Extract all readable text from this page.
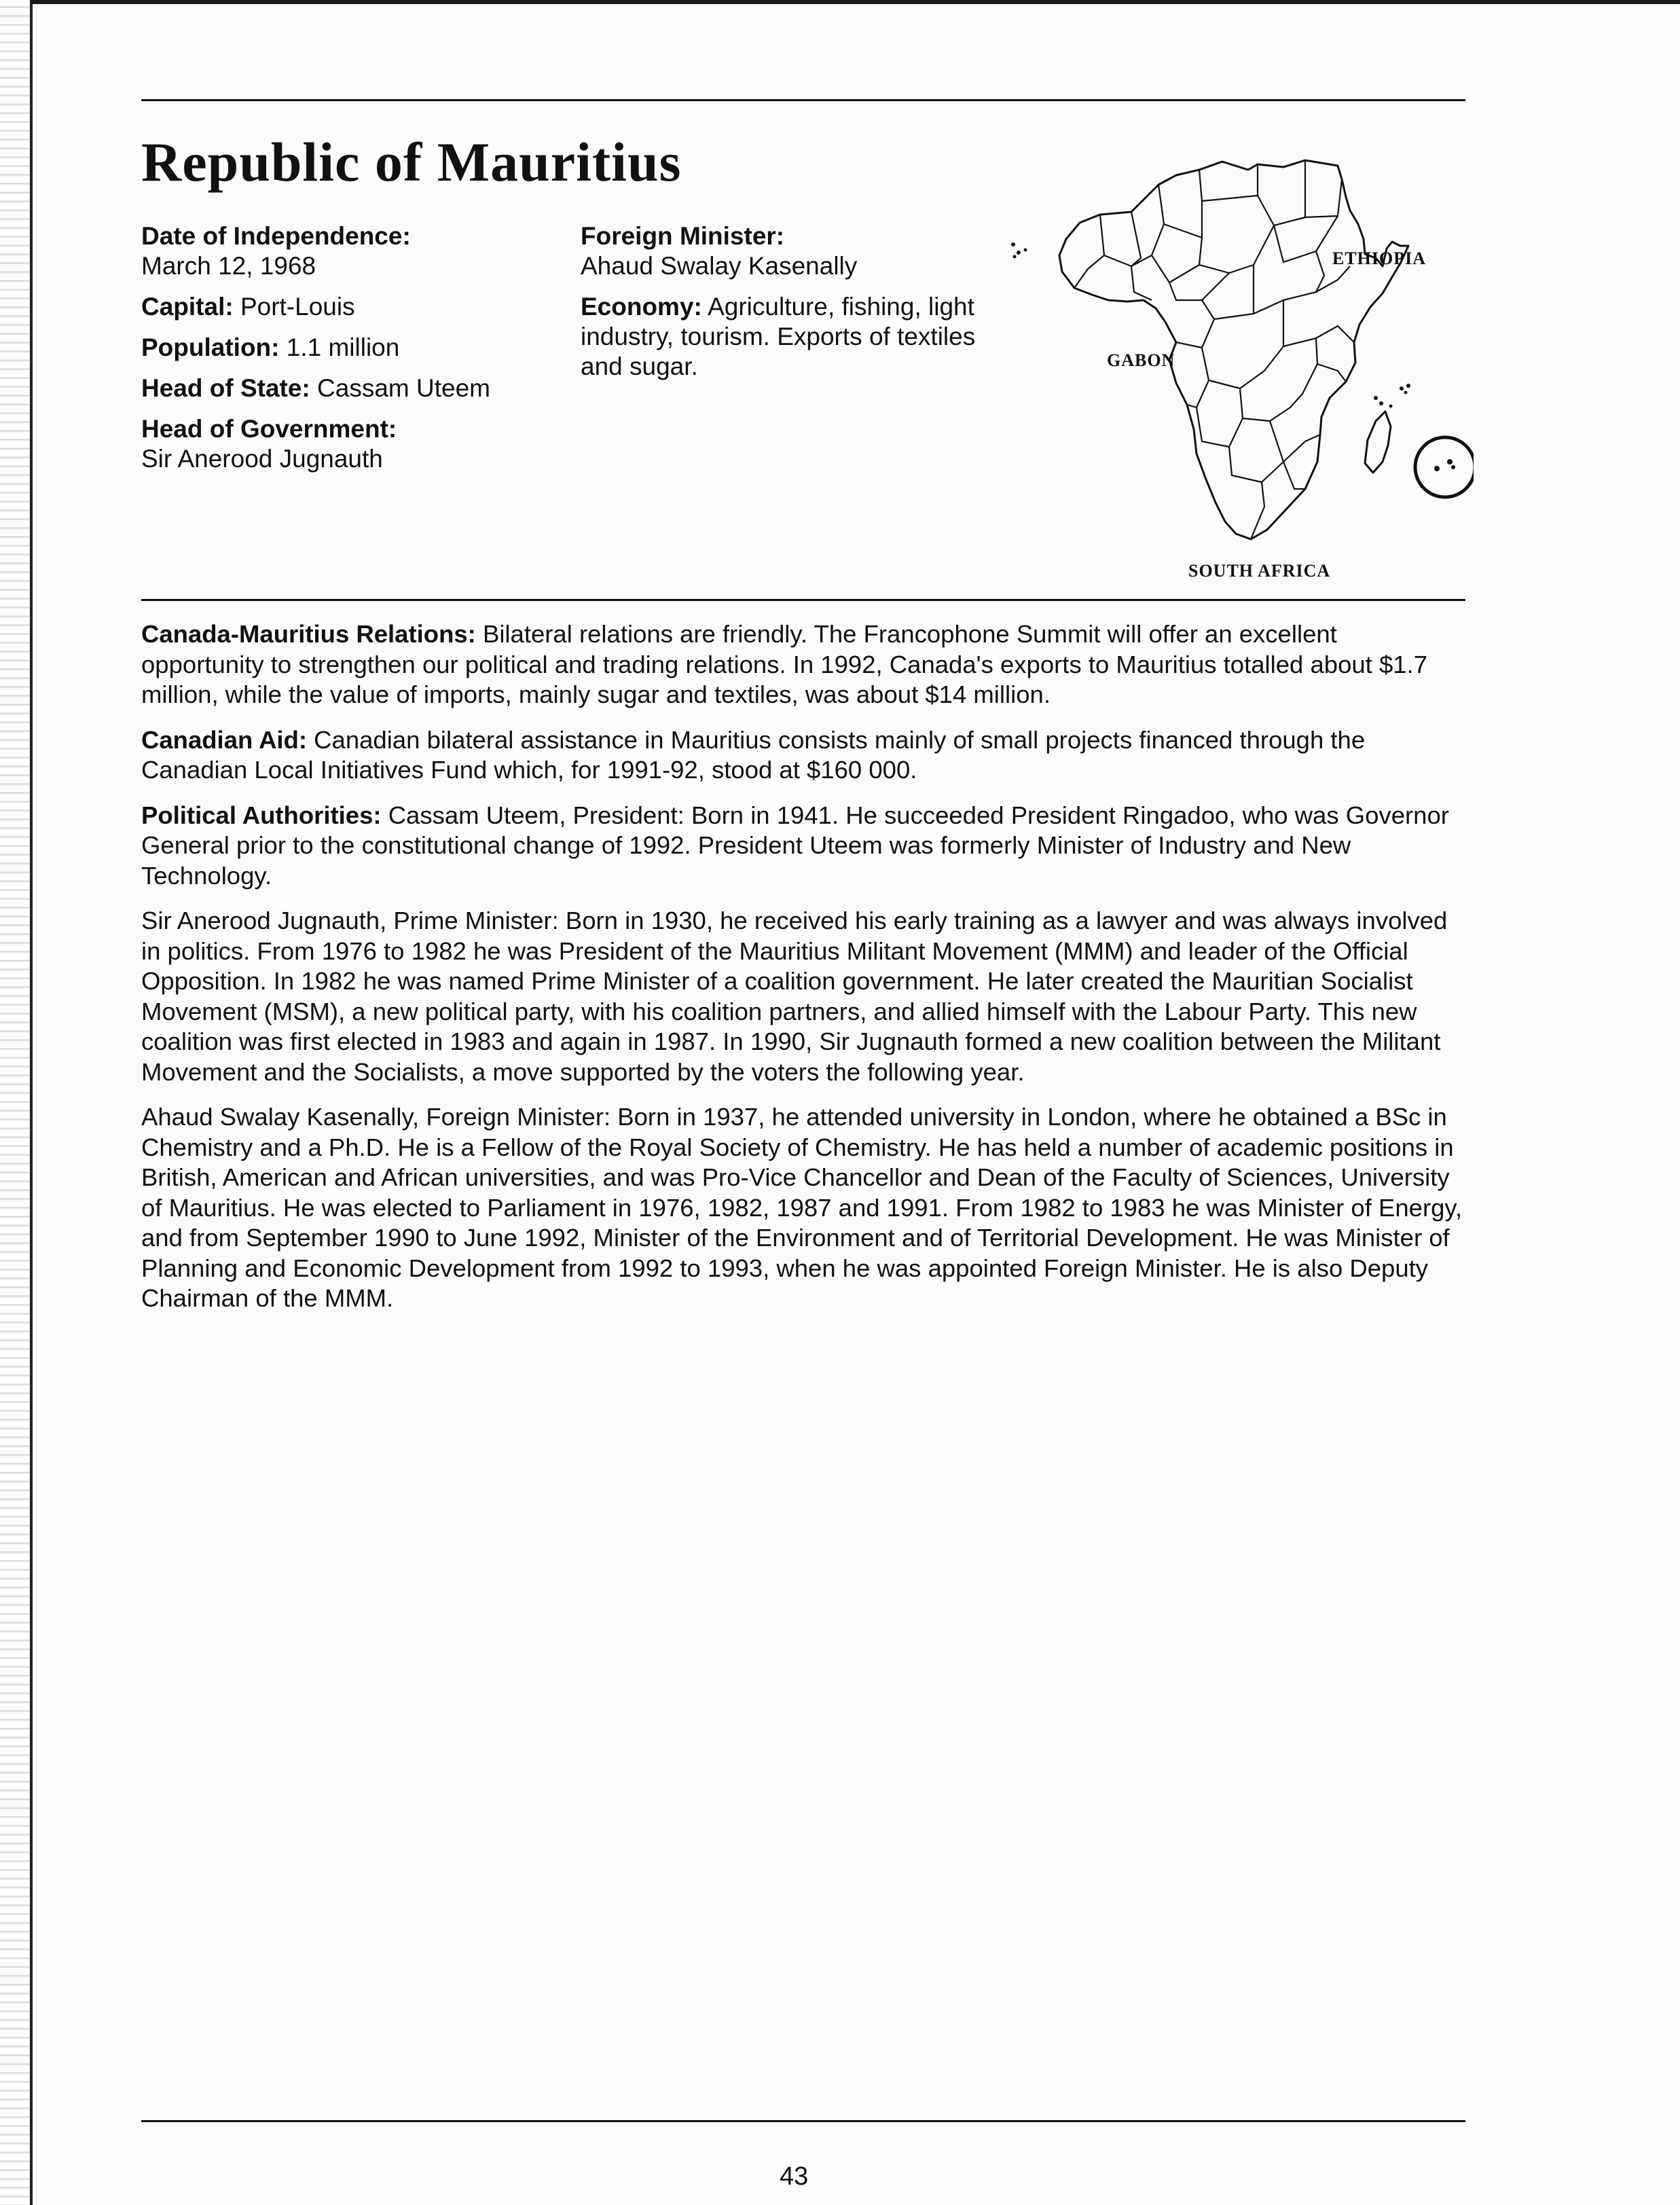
Republic of Mauritius

Date of Independence:
March 12, 1968

Capital: Port-Louis

Population: 1.1 million

Head of State: Cassam Uteem

Head of Government:
Sir Anerood Jugnauth

Foreign Minister:
Ahaud Swalay Kasenally

Economy: Agriculture, fishing, light industry, tourism. Exports of textiles and sugar.

ETHIOPIA
GABON
SOUTH AFRICA

Canada-Mauritius Relations: Bilateral relations are friendly. The Francophone Summit will offer an excellent opportunity to strengthen our political and trading relations. In 1992, Canada's exports to Mauritius totalled about $1.7 million, while the value of imports, mainly sugar and textiles, was about $14 million.

Canadian Aid: Canadian bilateral assistance in Mauritius consists mainly of small projects financed through the Canadian Local Initiatives Fund which, for 1991-92, stood at $160 000.

Political Authorities: Cassam Uteem, President: Born in 1941. He succeeded President Ringadoo, who was Governor General prior to the constitutional change of 1992. President Uteem was formerly Minister of Industry and New Technology.

Sir Anerood Jugnauth, Prime Minister: Born in 1930, he received his early training as a lawyer and was always involved in politics. From 1976 to 1982 he was President of the Mauritius Militant Movement (MMM) and leader of the Official Opposition. In 1982 he was named Prime Minister of a coalition government. He later created the Mauritian Socialist Movement (MSM), a new political party, with his coalition partners, and allied himself with the Labour Party. This new coalition was first elected in 1983 and again in 1987. In 1990, Sir Jugnauth formed a new coalition between the Militant Movement and the Socialists, a move supported by the voters the following year.

Ahaud Swalay Kasenally, Foreign Minister: Born in 1937, he attended university in London, where he obtained a BSc in Chemistry and a Ph.D. He is a Fellow of the Royal Society of Chemistry. He has held a number of academic positions in British, American and African universities, and was Pro-Vice Chancellor and Dean of the Faculty of Sciences, University of Mauritius. He was elected to Parliament in 1976, 1982, 1987 and 1991. From 1982 to 1983 he was Minister of Energy, and from September 1990 to June 1992, Minister of the Environment and of Territorial Development. He was Minister of Planning and Economic Development from 1992 to 1993, when he was appointed Foreign Minister. He is also Deputy Chairman of the MMM.

43
